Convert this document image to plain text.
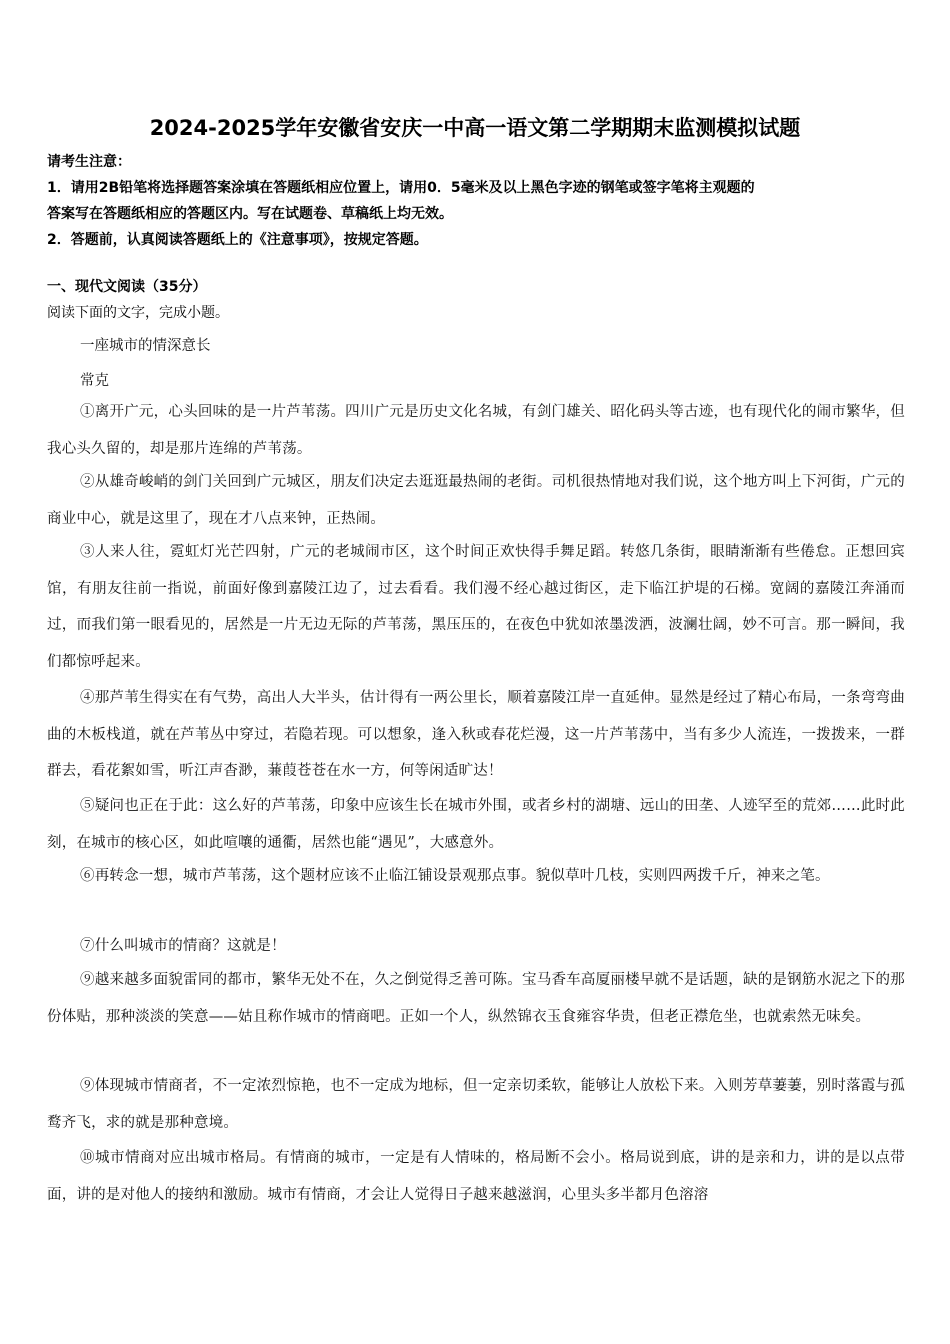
2024-2025学年安徽省安庆一中高一语文第二学期期末监测模拟试题
请考生注意：
1．请用2B铅笔将选择题答案涂填在答题纸相应位置上，请用0．5毫米及以上黑色字迹的钢笔或签字笔将主观题的
答案写在答题纸相应的答题区内。写在试题卷、草稿纸上均无效。
2．答题前，认真阅读答题纸上的《注意事项》，按规定答题。
一、现代文阅读（35分）
阅读下面的文字，完成小题。
一座城市的情深意长
常克
①离开广元，心头回味的是一片芦苇荡。四川广元是历史文化名城，有剑门雄关、昭化码头等古迹，也有现代化的闹市繁华，但我心头久留的，却是那片连绵的芦苇荡。
②从雄奇峻峭的剑门关回到广元城区，朋友们决定去逛逛最热闹的老街。司机很热情地对我们说，这个地方叫上下河街，广元的商业中心，就是这里了，现在才八点来钟，正热闹。
③人来人往，霓虹灯光芒四射，广元的老城闹市区，这个时间正欢快得手舞足蹈。转悠几条街，眼睛渐渐有些倦怠。正想回宾馆，有朋友往前一指说，前面好像到嘉陵江边了，过去看看。我们漫不经心越过街区，走下临江护堤的石梯。宽阔的嘉陵江奔涌而过，而我们第一眼看见的，居然是一片无边无际的芦苇荡，黑压压的，在夜色中犹如浓墨泼洒，波澜壮阔，妙不可言。那一瞬间，我们都惊呼起来。
④那芦苇生得实在有气势，高出人大半头，估计得有一两公里长，顺着嘉陵江岸一直延伸。显然是经过了精心布局，一条弯弯曲曲的木板栈道，就在芦苇丛中穿过，若隐若现。可以想象，逢入秋或春花烂漫，这一片芦苇荡中，当有多少人流连，一拨拨来，一群群去，看花絮如雪，听江声杳渺，蒹葭苍苍在水一方，何等闲适旷达！
⑤疑问也正在于此：这么好的芦苇荡，印象中应该生长在城市外围，或者乡村的湖塘、远山的田垄、人迹罕至的荒郊……此时此刻，在城市的核心区，如此喧嚷的通衢，居然也能“遇见”，大感意外。
⑥再转念一想，城市芦苇荡，这个题材应该不止临江铺设景观那点事。貌似草叶几枝，实则四两拨千斤，神来之笔。
⑦什么叫城市的情商？这就是！
⑨越来越多面貌雷同的都市，繁华无处不在，久之倒觉得乏善可陈。宝马香车高厦丽楼早就不是话题，缺的是钢筋水泥之下的那份体贴，那种淡淡的笑意——姑且称作城市的情商吧。正如一个人，纵然锦衣玉食雍容华贵，但老正襟危坐，也就索然无味矣。
⑨体现城市情商者，不一定浓烈惊艳，也不一定成为地标，但一定亲切柔软，能够让人放松下来。入则芳草萋萋，别时落霞与孤鹜齐飞，求的就是那种意境。
⑩城市情商对应出城市格局。有情商的城市，一定是有人情味的，格局断不会小。格局说到底，讲的是亲和力，讲的是以点带面，讲的是对他人的接纳和激励。城市有情商，才会让人觉得日子越来越滋润，心里头多半都月色溶溶
